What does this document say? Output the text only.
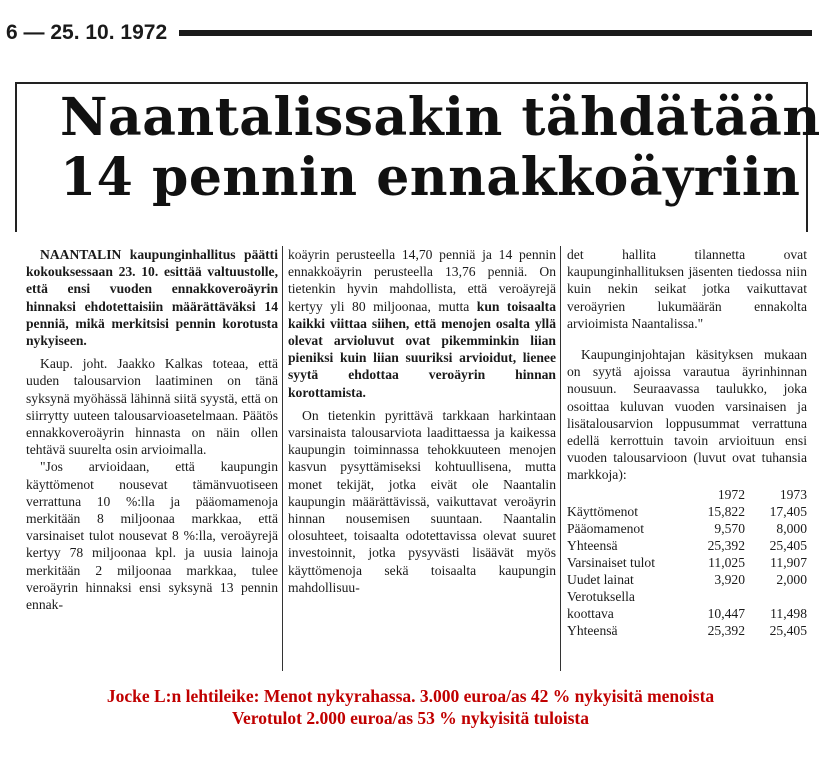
6 — 25. 10. 1972
Naantalissakin tähdätään
14 pennin ennakkoäyriin

NAANTALIN kaupunginhallitus päätti kokouksessaan 23. 10. esittää valtuustolle, että ensi vuoden ennakkoveroäyrin hinnaksi ehdotettaisiin määrättäväksi 14 penniä, mikä merkitsisi pennin korotusta nykyiseen.

Kaup. joht. Jaakko Kalkas toteaa, että uuden talousarvion laatiminen on tänä syksynä myöhässä lähinnä siitä syystä, että on siirrytty uuteen talousarvioasetelmaan. Päätös ennakkoveroäyrin hinnasta on näin ollen tehtävä suurelta osin arvioimalla.

"Jos arvioidaan, että kaupungin käyttömenot nousevat tämänvuotiseen verrattuna 10 %:lla ja pääomamenoja merkitään 8 miljoonaa markkaa, että varsinaiset tulot nousevat 8 %:lla, veroäyrejä kertyy 78 miljoonaa kpl. ja uusia lainoja merkitään 2 miljoonaa markkaa, tulee veroäyrin hinnaksi ensi syksynä 13 pennin ennak-

koäyrin perusteella 14,70 penniä ja 14 pennin ennakkoäyrin perusteella 13,76 penniä. On tietenkin hyvin mahdollista, että veroäyrejä kertyy yli 80 miljoonaa, mutta kun toisaalta kaikki viittaa siihen, että menojen osalta yllä olevat arvioluvut ovat pikemminkin liian pieniksi kuin liian suuriksi arvioidut, lienee syytä ehdottaa veroäyrin hinnan korottamista.

On tietenkin pyrittävä tarkkaan harkintaan varsinaista talousarviota laadittaessa ja kaikessa kaupungin toiminnassa tehokkuuteen menojen kasvun pysyttämiseksi kohtuullisena, mutta monet tekijät, jotka eivät ole Naantalin kaupungin määrättävissä, vaikuttavat veroäyrin hinnan nousemisen suuntaan. Naantalin olosuhteet, toisaalta odotettavissa olevat suuret investoinnit, jotka pysyvästi lisäävät myös käyttömenoja sekä toisaalta kaupungin mahdollisuu-

det hallita tilannetta ovat kaupunginhallituksen jäsenten tiedossa niin kuin nekin seikat jotka vaikuttavat veroäyrien lukumäärän ennakolta arvioimista Naantalissa."

Kaupunginjohtajan käsityksen mukaan on syytä ajoissa varautua äyrinhinnan nousuun. Seuraavassa taulukko, joka osoittaa kuluvan vuoden varsinaisen ja lisätalousarvion loppusummat verrattuna edellä kerrottuin tavoin arvioituun ensi vuoden talousarvioon (luvut ovat tuhansia markkoja):

	1972	1973
Käyttömenot	15,822	17,405
Pääomamenot	9,570	8,000
Yhteensä	25,392	25,405
Varsinaiset tulot	11,025	11,907
Uudet lainat	3,920	2,000
Verotuksella		
koottava	10,447	11,498
Yhteensä	25,392	25,405
Jocke L:n lehtileike: Menot nykyrahassa. 3.000 euroa/as 42 % nykyisitä menoista
Verotulot 2.000 euroa/as 53 % nykyisitä tuloista
